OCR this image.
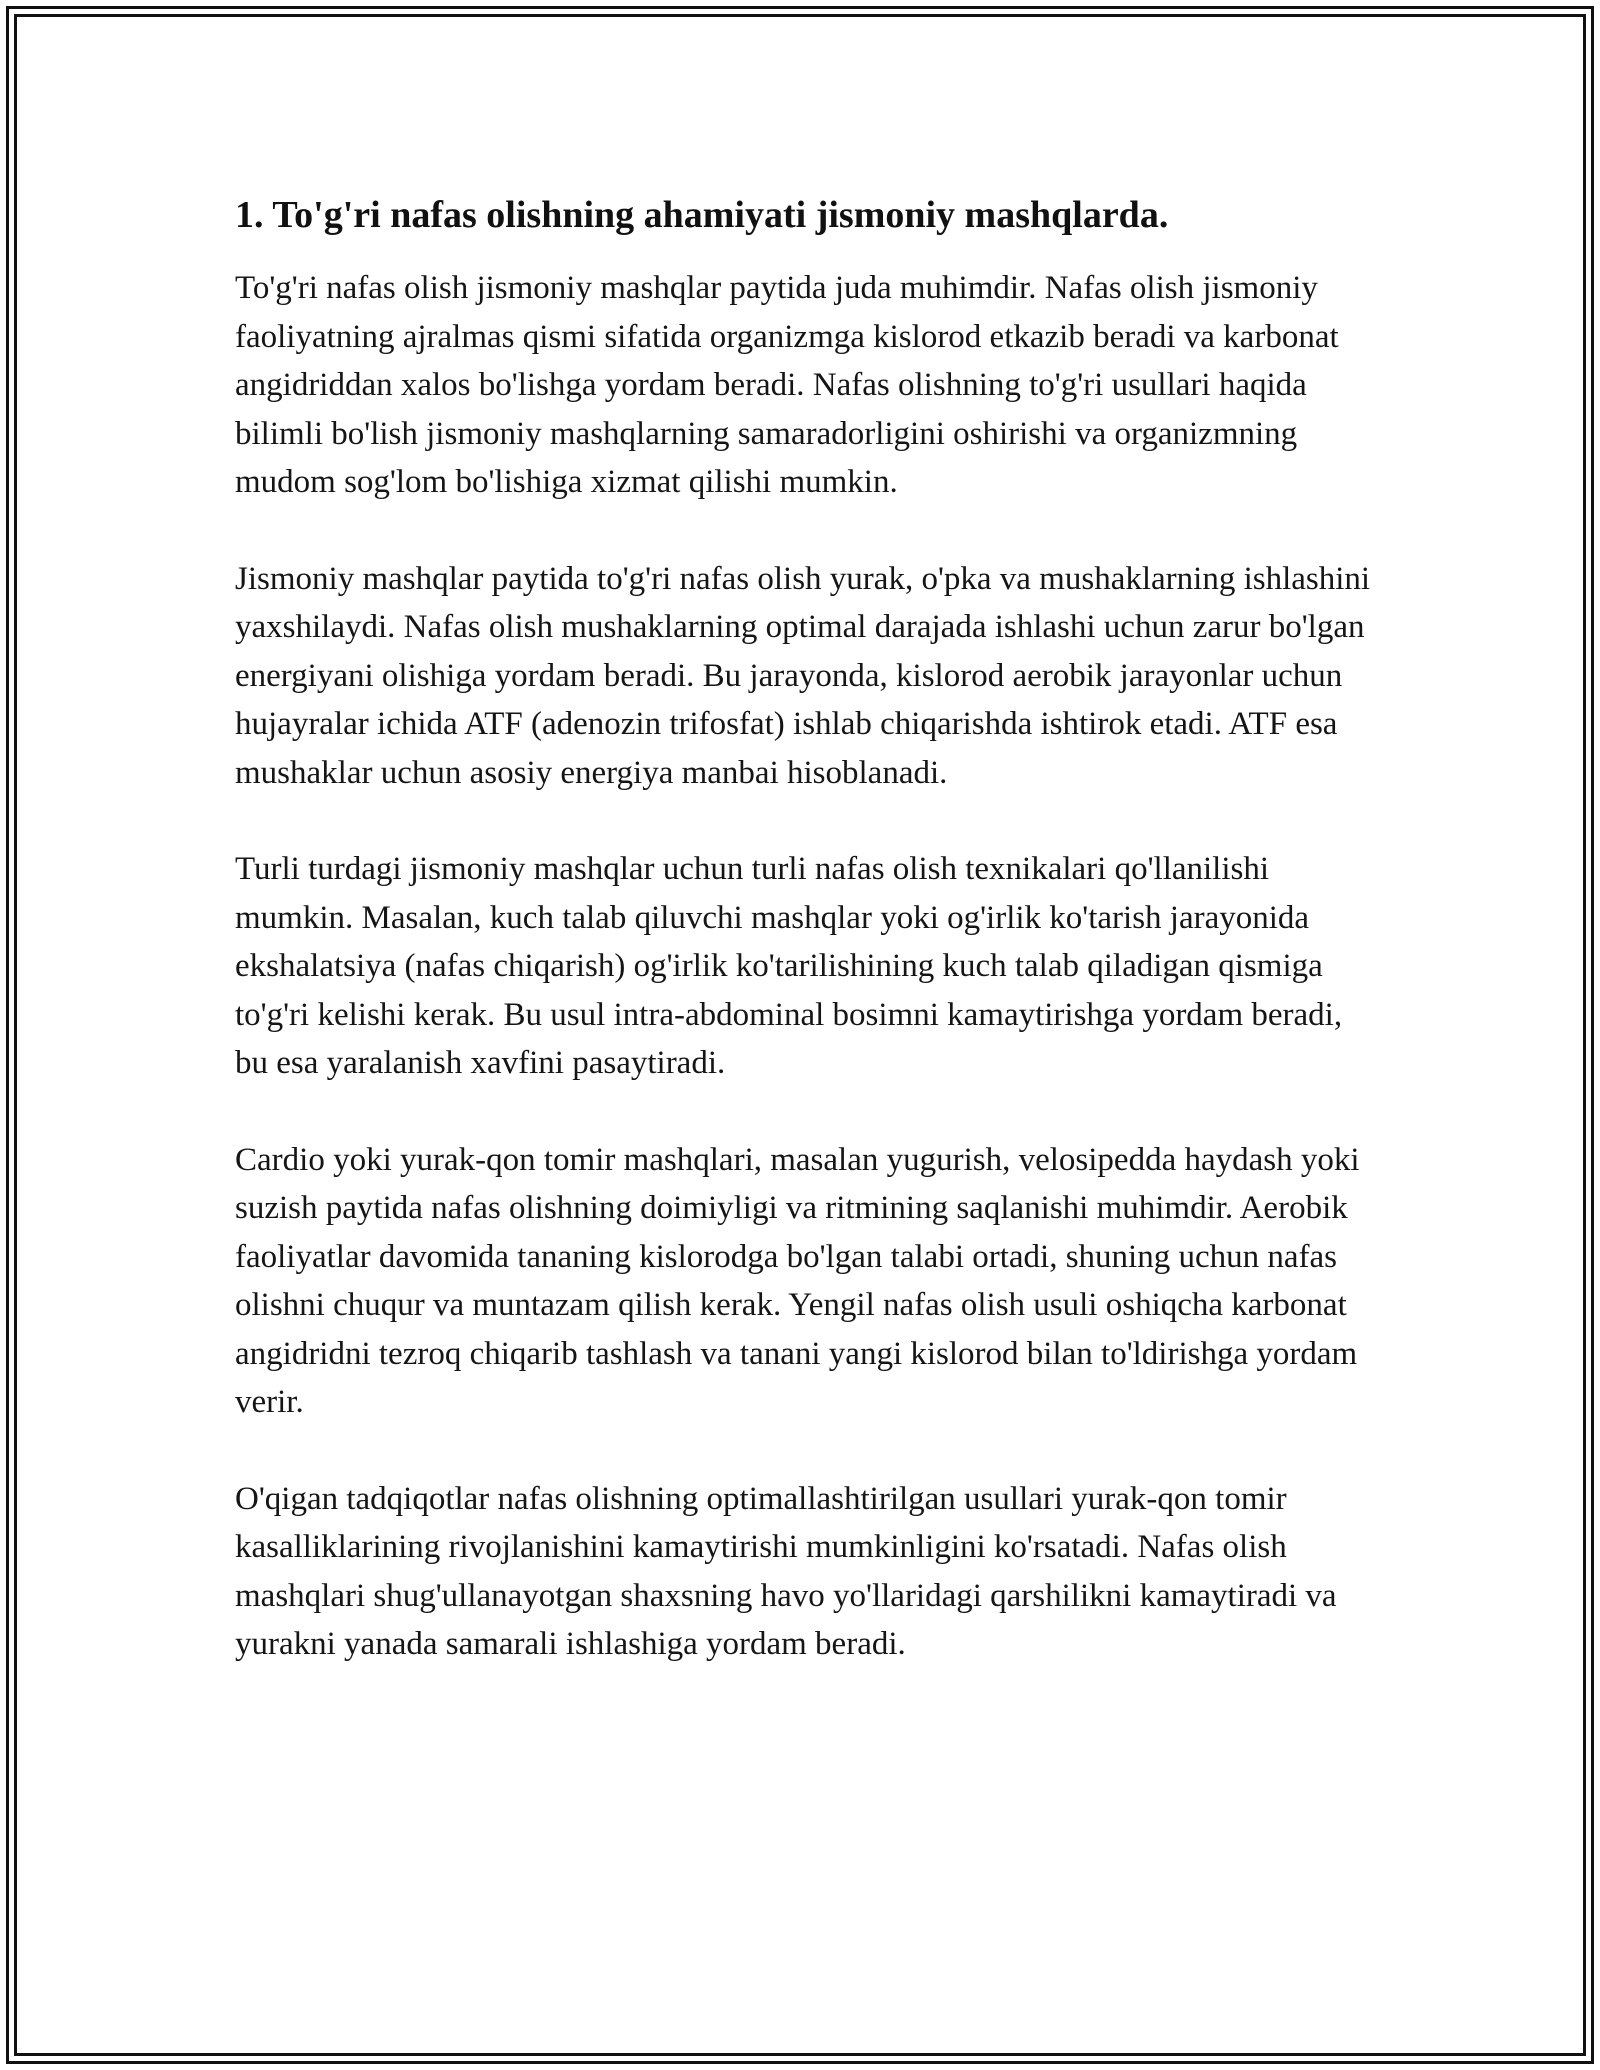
1. To'g'ri nafas olishning ahamiyati jismoniy mashqlarda.

To'g'ri nafas olish jismoniy mashqlar paytida juda muhimdir. Nafas olish jismoniy faoliyatning ajralmas qismi sifatida organizmga kislorod etkazib beradi va karbonat angidriddan xalos bo'lishga yordam beradi. Nafas olishning to'g'ri usullari haqida bilimli bo'lish jismoniy mashqlarning samaradorligini oshirishi va organizmning mudom sog'lom bo'lishiga xizmat qilishi mumkin.

Jismoniy mashqlar paytida to'g'ri nafas olish yurak, o'pka va mushaklarning ishlashini yaxshilaydi. Nafas olish mushaklarning optimal darajada ishlashi uchun zarur bo'lgan energiyani olishiga yordam beradi. Bu jarayonda, kislorod aerobik jarayonlar uchun hujayralar ichida ATF (adenozin trifosfat) ishlab chiqarishda ishtirok etadi. ATF esa mushaklar uchun asosiy energiya manbai hisoblanadi.

Turli turdagi jismoniy mashqlar uchun turli nafas olish texnikalari qo'llanilishi mumkin. Masalan, kuch talab qiluvchi mashqlar yoki og'irlik ko'tarish jarayonida ekshalatsiya (nafas chiqarish) og'irlik ko'tarilishining kuch talab qiladigan qismiga to'g'ri kelishi kerak. Bu usul intra-abdominal bosimni kamaytirishga yordam beradi, bu esa yaralanish xavfini pasaytiradi.

Cardio yoki yurak-qon tomir mashqlari, masalan yugurish, velosipedda haydash yoki suzish paytida nafas olishning doimiyligi va ritmining saqlanishi muhimdir. Aerobik faoliyatlar davomida tananing kislorodga bo'lgan talabi ortadi, shuning uchun nafas olishni chuqur va muntazam qilish kerak. Yengil nafas olish usuli oshiqcha karbonat angidridni tezroq chiqarib tashlash va tanani yangi kislorod bilan to'ldirishga yordam verir.

O'qigan tadqiqotlar nafas olishning optimallashtirilgan usullari yurak-qon tomir kasalliklarining rivojlanishini kamaytirishi mumkinligini ko'rsatadi. Nafas olish mashqlari shug'ullanayotgan shaxsning havo yo'llaridagi qarshilikni kamaytiradi va yurakni yanada samarali ishlashiga yordam beradi.
